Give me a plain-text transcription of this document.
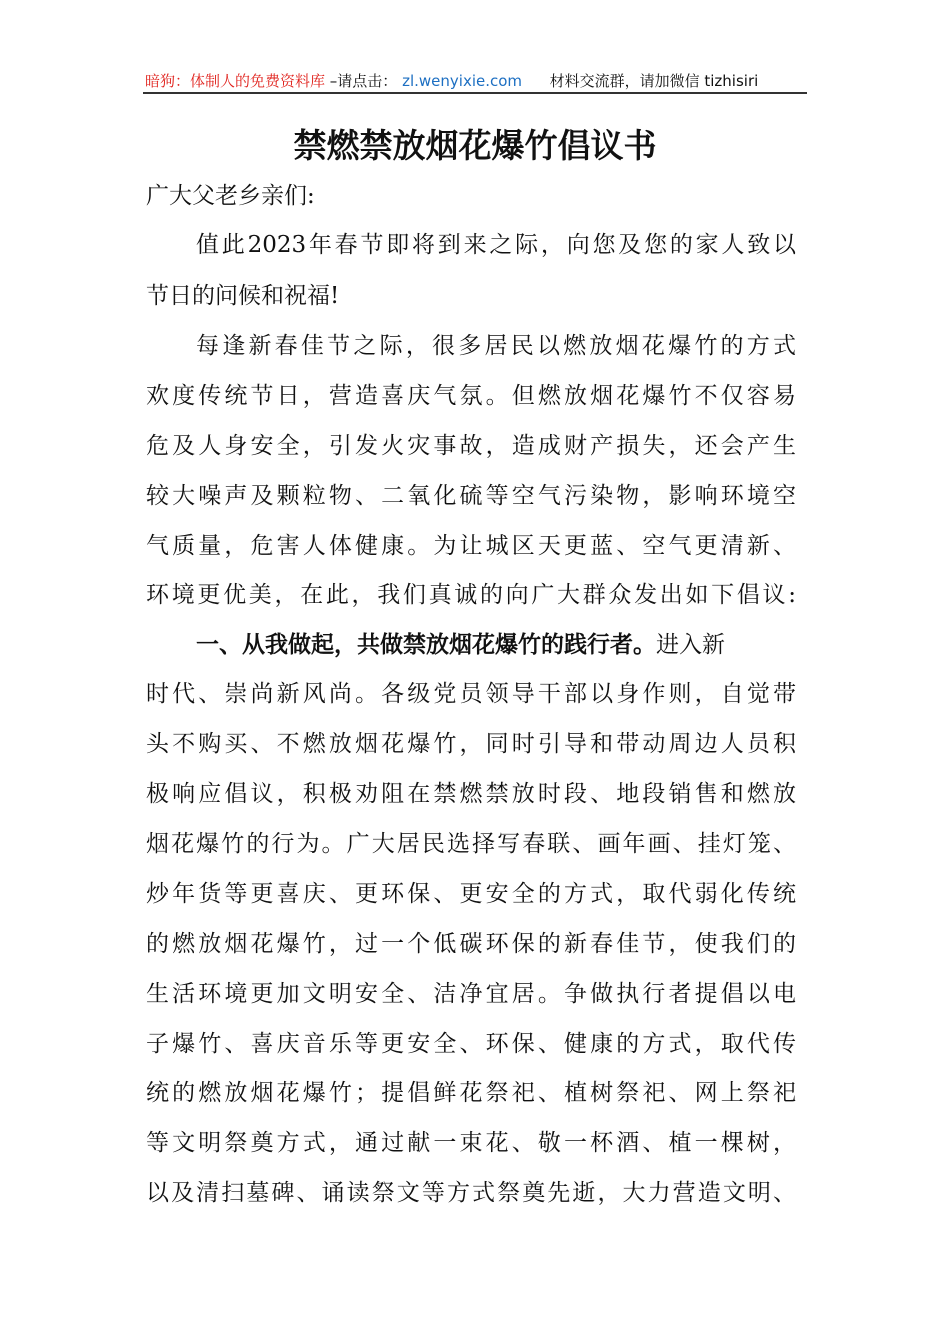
暗狗：体制人的免费资料库 –请点击： zl.wenyixie.com 材料交流群，请加微信 tizhisiri
禁燃禁放烟花爆竹倡议书
广大父老乡亲们:
值此2023年春节即将到来之际，向您及您的家人致以
节日的问候和祝福!
每逢新春佳节之际，很多居民以燃放烟花爆竹的方式
欢度传统节日，营造喜庆气氛。但燃放烟花爆竹不仅容易
危及人身安全，引发火灾事故，造成财产损失，还会产生
较大噪声及颗粒物、二氧化硫等空气污染物，影响环境空
气质量，危害人体健康。为让城区天更蓝、空气更清新、
环境更优美，在此，我们真诚的向广大群众发出如下倡议:
一、从我做起，共做禁放烟花爆竹的践行者。进入新
时代、崇尚新风尚。各级党员领导干部以身作则，自觉带
头不购买、不燃放烟花爆竹，同时引导和带动周边人员积
极响应倡议，积极劝阻在禁燃禁放时段、地段销售和燃放
烟花爆竹的行为。广大居民选择写春联、画年画、挂灯笼、
炒年货等更喜庆、更环保、更安全的方式，取代弱化传统
的燃放烟花爆竹，过一个低碳环保的新春佳节，使我们的
生活环境更加文明安全、洁净宜居。争做执行者提倡以电
子爆竹、喜庆音乐等更安全、环保、健康的方式，取代传
统的燃放烟花爆竹；提倡鲜花祭祀、植树祭祀、网上祭祀
等文明祭奠方式，通过献一束花、敬一杯酒、植一棵树，
以及清扫墓碑、诵读祭文等方式祭奠先逝，大力营造文明、
